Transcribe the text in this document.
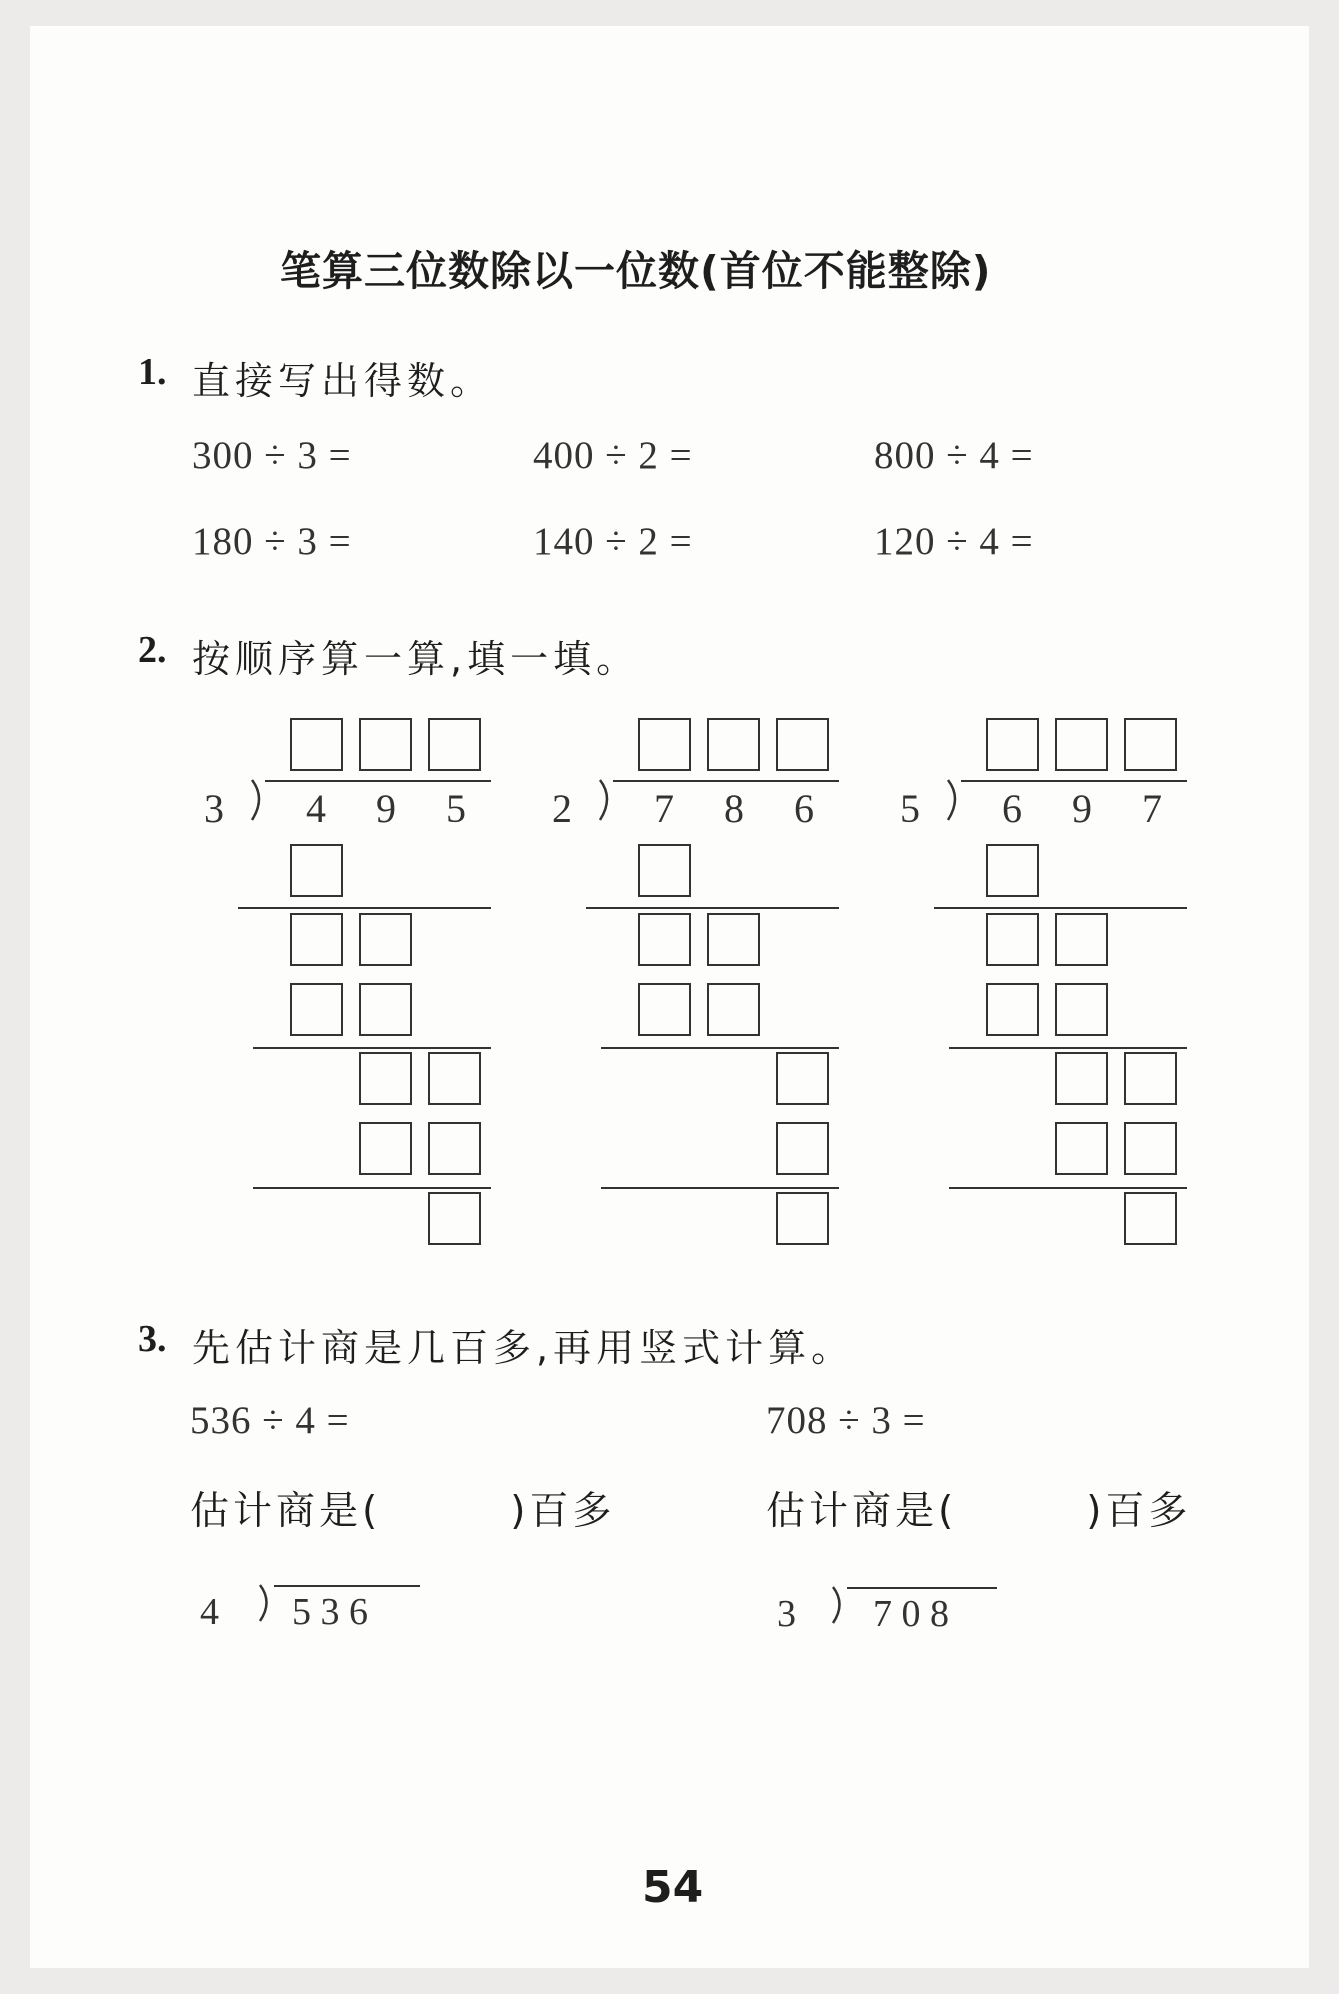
笔算三位数除以一位数(首位不能整除)
1. 直接写出得数。
300 ÷ 3 =	400 ÷ 2 =	800 ÷ 4 =
180 ÷ 3 =	140 ÷ 2 =	120 ÷ 4 =
2. 按顺序算一算,填一填。
3 4 9 5 2 7 8 6 5 6 9 7
3. 先估计商是几百多,再用竖式计算。
536 ÷ 4 =	708 ÷ 3 =
估计商是(　　　)百多	估计商是(　　　)百多
4 5 3 6	3 7 0 8
54
